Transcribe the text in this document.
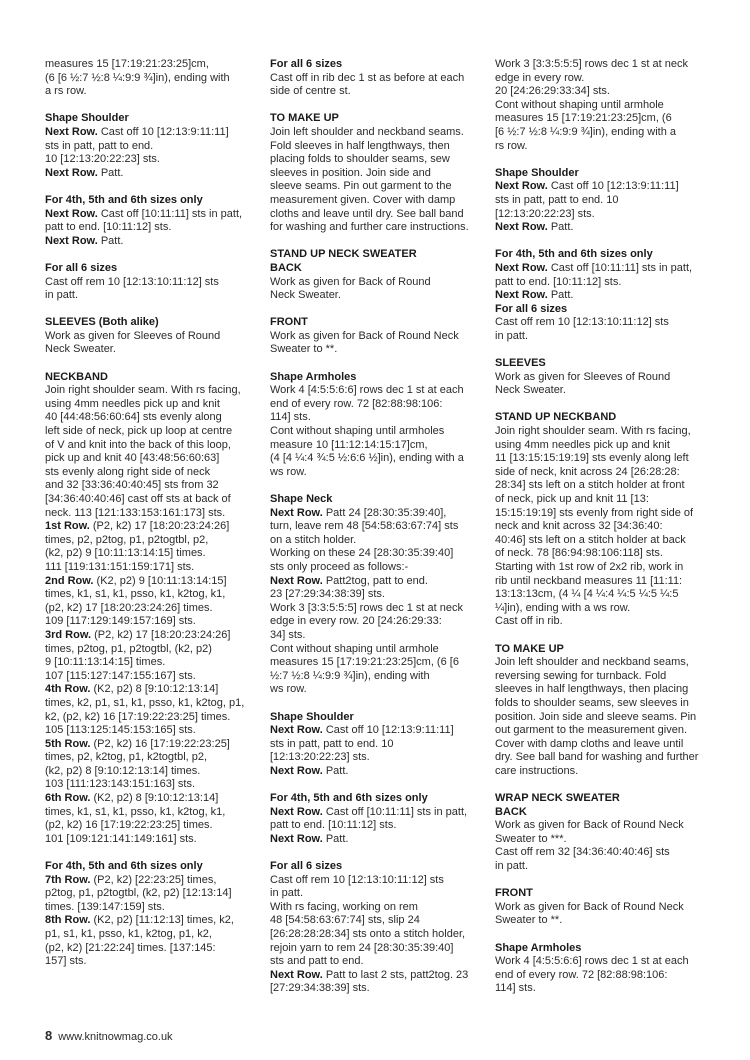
measures 15 [17:19:21:23:25]cm,
(6 [6 ½:7 ½:8 ¼:9:9 ¾]in), ending with
a rs row.
Shape Shoulder
Next Row. Cast off 10 [12:13:9:11:11]
sts in patt, patt to end.
10 [12:13:20:22:23] sts.
Next Row. Patt.
For 4th, 5th and 6th sizes only
Next Row. Cast off [10:11:11] sts in patt,
patt to end. [10:11:12] sts.
Next Row. Patt.
For all 6 sizes
Cast off rem 10 [12:13:10:11:12] sts
in patt.
SLEEVES (Both alike)
Work as given for Sleeves of Round
Neck Sweater.
NECKBAND
Join right shoulder seam. With rs facing,
using 4mm needles pick up and knit
40 [44:48:56:60:64] sts evenly along
left side of neck, pick up loop at centre
of V and knit into the back of this loop,
pick up and knit 40 [43:48:56:60:63]
sts evenly along right side of neck
and 32 [33:36:40:40:45] sts from 32
[34:36:40:40:46] cast off sts at back of
neck. 113 [121:133:153:161:173] sts.
1st Row. (P2, k2) 17 [18:20:23:24:26]
times, p2, p2tog, p1, p2togtbl, p2,
(k2, p2) 9 [10:11:13:14:15] times.
111 [119:131:151:159:171] sts.
2nd Row. (K2, p2) 9 [10:11:13:14:15]
times, k1, s1, k1, psso, k1, k2tog, k1,
(p2, k2) 17 [18:20:23:24:26] times.
109 [117:129:149:157:169] sts.
3rd Row. (P2, k2) 17 [18:20:23:24:26]
times, p2tog, p1, p2togtbl, (k2, p2)
9 [10:11:13:14:15] times.
107 [115:127:147:155:167] sts.
4th Row. (K2, p2) 8 [9:10:12:13:14]
times, k2, p1, s1, k1, psso, k1, k2tog, p1,
k2, (p2, k2) 16 [17:19:22:23:25] times.
105 [113:125:145:153:165] sts.
5th Row. (P2, k2) 16 [17:19:22:23:25]
times, p2, k2tog, p1, k2togtbl, p2,
(k2, p2) 8 [9:10:12:13:14] times.
103 [111:123:143:151:163] sts.
6th Row. (K2, p2) 8 [9:10:12:13:14]
times, k1, s1, k1, psso, k1, k2tog, k1,
(p2, k2) 16 [17:19:22:23:25] times.
101 [109:121:141:149:161] sts.
For 4th, 5th and 6th sizes only
7th Row. (P2, k2) [22:23:25] times,
p2tog, p1, p2togtbl, (k2, p2) [12:13:14]
times. [139:147:159] sts.
8th Row. (K2, p2) [11:12:13] times, k2,
p1, s1, k1, psso, k1, k2tog, p1, k2,
(p2, k2) [21:22:24] times. [137:145:
157] sts.
For all 6 sizes
Cast off in rib dec 1 st as before at each
side of centre st.
TO MAKE UP
Join left shoulder and neckband seams.
Fold sleeves in half lengthways, then
placing folds to shoulder seams, sew
sleeves in position. Join side and
sleeve seams. Pin out garment to the
measurement given. Cover with damp
cloths and leave until dry. See ball band
for washing and further care instructions.
STAND UP NECK SWEATER
BACK
Work as given for Back of Round
Neck Sweater.
FRONT
Work as given for Back of Round Neck
Sweater to **.
Shape Armholes
Work 4 [4:5:5:6:6] rows dec 1 st at each
end of every row. 72 [82:88:98:106:
114] sts.
Cont without shaping until armholes
measure 10 [11:12:14:15:17]cm,
(4 [4 ¼:4 ¾:5 ½:6:6 ½]in), ending with a
ws row.
Shape Neck
Next Row. Patt 24 [28:30:35:39:40],
turn, leave rem 48 [54:58:63:67:74] sts
on a stitch holder.
Working on these 24 [28:30:35:39:40]
sts only proceed as follows:-
Next Row. Patt2tog, patt to end.
23 [27:29:34:38:39] sts.
Work 3 [3:3:5:5:5] rows dec 1 st at neck
edge in every row. 20 [24:26:29:33:
34] sts.
Cont without shaping until armhole
measures 15 [17:19:21:23:25]cm, (6 [6
½:7 ½:8 ¼:9:9 ¾]in), ending with
ws row.
Shape Shoulder
Next Row. Cast off 10 [12:13:9:11:11]
sts in patt, patt to end. 10
[12:13:20:22:23] sts.
Next Row. Patt.
For 4th, 5th and 6th sizes only
Next Row. Cast off [10:11:11] sts in patt,
patt to end. [10:11:12] sts.
Next Row. Patt.
For all 6 sizes
Cast off rem 10 [12:13:10:11:12] sts
in patt.
With rs facing, working on rem
48 [54:58:63:67:74] sts, slip 24
[26:28:28:28:34] sts onto a stitch holder,
rejoin yarn to rem 24 [28:30:35:39:40]
sts and patt to end.
Next Row. Patt to last 2 sts, patt2tog. 23
[27:29:34:38:39] sts.
Work 3 [3:3:5:5:5] rows dec 1 st at neck
edge in every row.
20 [24:26:29:33:34] sts.
Cont without shaping until armhole
measures 15 [17:19:21:23:25]cm, (6
[6 ½:7 ½:8 ¼:9:9 ¾]in), ending with a
rs row.
Shape Shoulder
Next Row. Cast off 10 [12:13:9:11:11]
sts in patt, patt to end. 10
[12:13:20:22:23] sts.
Next Row. Patt.
For 4th, 5th and 6th sizes only
Next Row. Cast off [10:11:11] sts in patt,
patt to end. [10:11:12] sts.
Next Row. Patt.
For all 6 sizes
Cast off rem 10 [12:13:10:11:12] sts
in patt.
SLEEVES
Work as given for Sleeves of Round
Neck Sweater.
STAND UP NECKBAND
Join right shoulder seam. With rs facing,
using 4mm needles pick up and knit
11 [13:15:15:19:19] sts evenly along left
side of neck, knit across 24 [26:28:28:
28:34] sts left on a stitch holder at front
of neck, pick up and knit 11 [13:
15:15:19:19] sts evenly from right side of
neck and knit across 32 [34:36:40:
40:46] sts left on a stitch holder at back
of neck. 78 [86:94:98:106:118] sts.
Starting with 1st row of 2x2 rib, work in
rib until neckband measures 11 [11:11:
13:13:13cm, (4 ¼ [4 ¼:4 ¼:5 ¼:5 ¼:5
¼]in), ending with a ws row.
Cast off in rib.
TO MAKE UP
Join left shoulder and neckband seams,
reversing sewing for turnback. Fold
sleeves in half lengthways, then placing
folds to shoulder seams, sew sleeves in
position. Join side and sleeve seams. Pin
out garment to the measurement given.
Cover with damp cloths and leave until
dry. See ball band for washing and further
care instructions.
WRAP NECK SWEATER
BACK
Work as given for Back of Round Neck
Sweater to ***.
Cast off rem 32 [34:36:40:40:46] sts
in patt.
FRONT
Work as given for Back of Round Neck
Sweater to **.
Shape Armholes
Work 4 [4:5:5:6:6] rows dec 1 st at each
end of every row. 72 [82:88:98:106:
114] sts.
8 www.knitnowmag.co.uk
